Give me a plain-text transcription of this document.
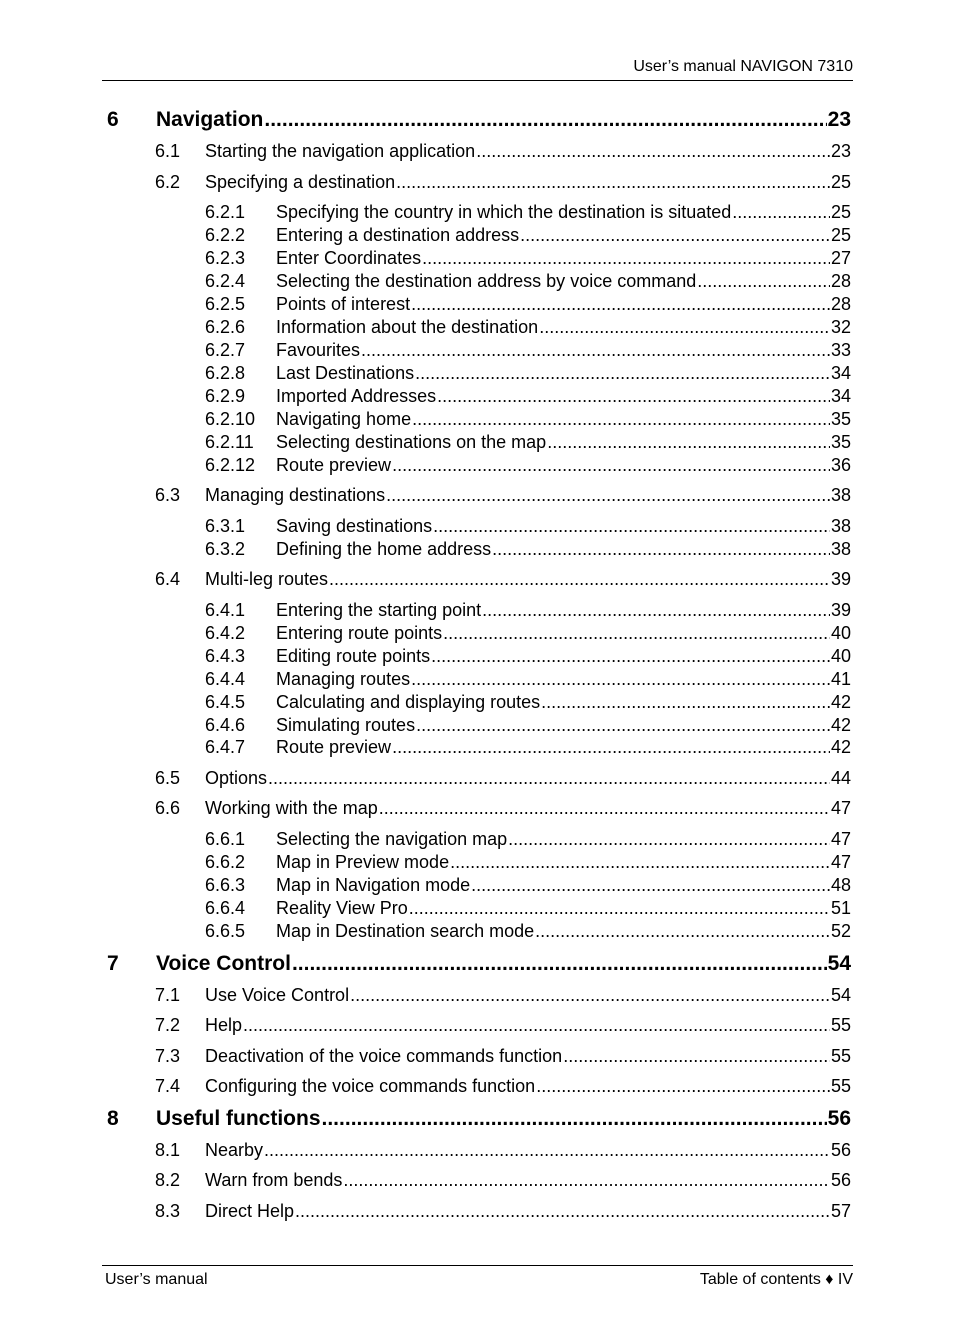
User’s manual NAVIGON 7310
6 Navigation .....	23
6.1 Starting the navigation application .....	23
6.2 Specifying a destination .....	25
6.2.1 Specifying the country in which the destination is situated .....	25
6.2.2 Entering a destination address .....	25
6.2.3 Enter Coordinates .....	27
6.2.4 Selecting the destination address by voice command .....	28
6.2.5 Points of interest .....	28
6.2.6 Information about the destination .....	32
6.2.7 Favourites .....	33
6.2.8 Last Destinations .....	34
6.2.9 Imported Addresses .....	34
6.2.10 Navigating home .....	35
6.2.11 Selecting destinations on the map .....	35
6.2.12 Route preview .....	36
6.3 Managing destinations .....	38
6.3.1 Saving destinations .....	38
6.3.2 Defining the home address .....	38
6.4 Multi-leg routes .....	39
6.4.1 Entering the starting point .....	39
6.4.2 Entering route points .....	40
6.4.3 Editing route points .....	40
6.4.4 Managing routes .....	41
6.4.5 Calculating and displaying routes .....	42
6.4.6 Simulating routes .....	42
6.4.7 Route preview .....	42
6.5 Options .....	44
6.6 Working with the map .....	47
6.6.1 Selecting the navigation map .....	47
6.6.2 Map in Preview mode .....	47
6.6.3 Map in Navigation mode .....	48
6.6.4 Reality View Pro .....	51
6.6.5 Map in Destination search mode .....	52
7 Voice Control .....	54
7.1 Use Voice Control .....	54
7.2 Help .....	55
7.3 Deactivation of the voice commands function .....	55
7.4 Configuring the voice commands function .....	55
8 Useful functions .....	56
8.1 Nearby .....	56
8.2 Warn from bends .....	56
8.3 Direct Help .....	57
User’s manual	Table of contents ♦ IV
